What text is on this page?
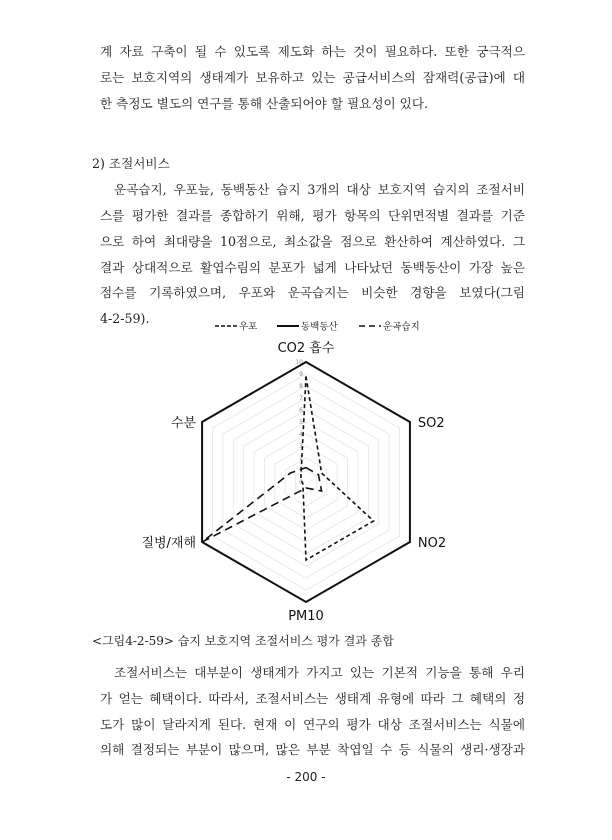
계 자료 구축이 될 수 있도록 제도화 하는 것이 필요하다. 또한 궁극적으
로는 보호지역의 생태계가 보유하고 있는 공급서비스의 잠재력(공급)에 대
한 측정도 별도의 연구를 통해 산출되어야 할 필요성이 있다.
2) 조절서비스
운곡습지, 우포늪, 동백동산 습지 3개의 대상 보호지역 습지의 조절서비
스를 평가한 결과를 종합하기 위해, 평가 항목의 단위면적별 결과를 기준
으로 하여 최대량을 10점으로, 최소값을 점으로 환산하여 계산하였다. 그
결과 상대적으로 활엽수림의 분포가 넓게 나타났던 동백동산이 가장 높은
점수를 기록하였으며, 우포와 운곡습지는 비슷한 경향을 보였다(그림
4-2-59).
0
1
2
3
4
5
6
7
8
9
10
CO2 흡수
SO2
NO2
PM10
질병/재해
수분
우포	동백동산	운곡습지
<그림4-2-59> 습지 보호지역 조절서비스 평가 결과 종합
조절서비스는 대부분이 생태계가 가지고 있는 기본적 기능을 통해 우리
가 얻는 혜택이다. 따라서, 조절서비스는 생태계 유형에 따라 그 혜택의 정
도가 많이 달라지게 된다. 현재 이 연구의 평가 대상 조절서비스는 식물에
의해 결정되는 부분이 많으며, 많은 부분 착엽일 수 등 식물의 생리·생장과
- 200 -
